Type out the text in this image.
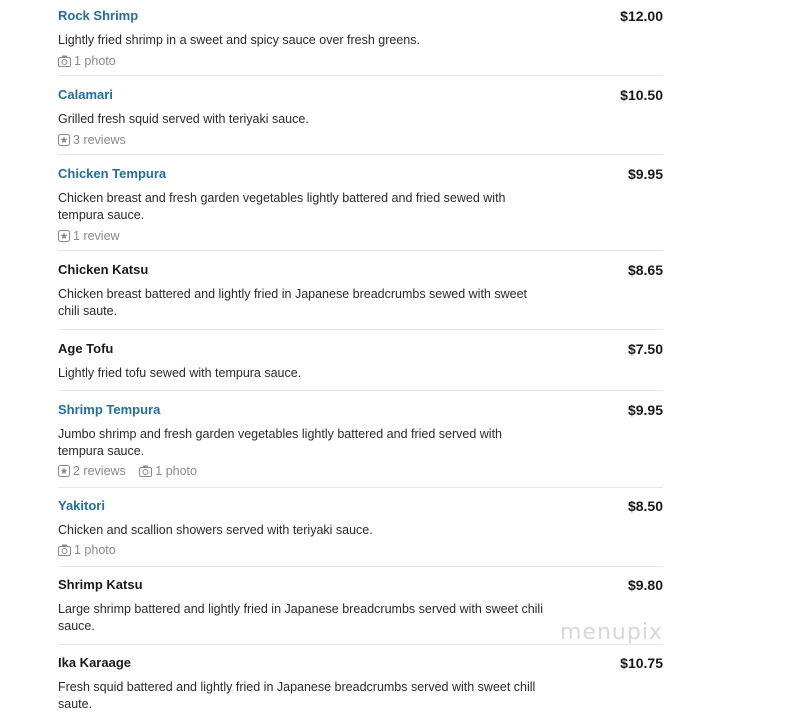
Rock Shrimp	$12.00
Lightly fried shrimp in a sweet and spicy sauce over fresh greens.
1 photo
Calamari	$10.50
Grilled fresh squid served with teriyaki sauce.
3 reviews
Chicken Tempura	$9.95
Chicken breast and fresh garden vegetables lightly battered and fried sewed with tempura sauce.
1 review
Chicken Katsu	$8.65
Chicken breast battered and lightly fried in Japanese breadcrumbs sewed with sweet chili saute.
Age Tofu	$7.50
Lightly fried tofu sewed with tempura sauce.
Shrimp Tempura	$9.95
Jumbo shrimp and fresh garden vegetables lightly battered and fried served with tempura sauce.
2 reviews 1 photo
Yakitori	$8.50
Chicken and scallion showers served with teriyaki sauce.
1 photo
Shrimp Katsu	$9.80
Large shrimp battered and lightly fried in Japanese breadcrumbs served with sweet chili sauce.
Ika Karaage	$10.75
Fresh squid battered and lightly fried in Japanese breadcrumbs served with sweet chill saute.
menupix
